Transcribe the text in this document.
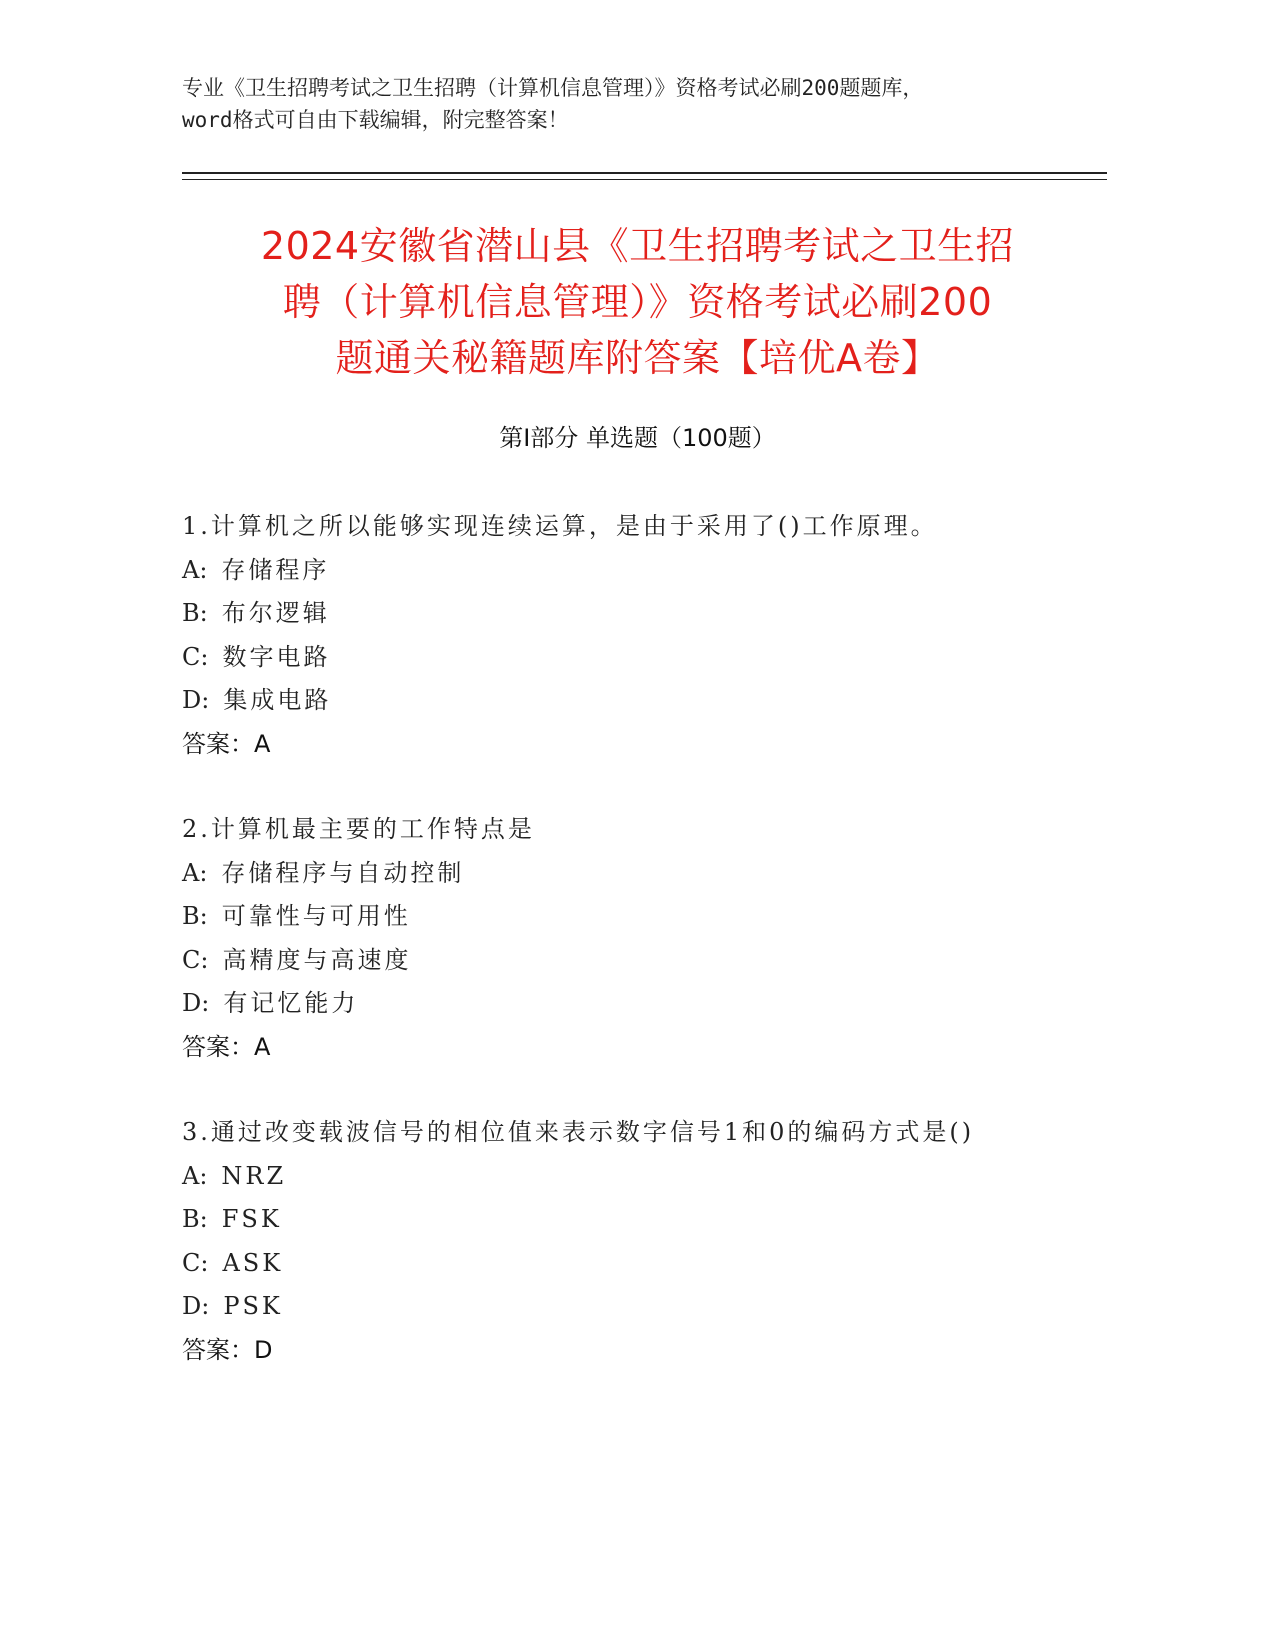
专业《卫生招聘考试之卫生招聘（计算机信息管理）》资格考试必刷200题题库，
word格式可自由下载编辑，附完整答案！
2024安徽省潜山县《卫生招聘考试之卫生招
聘（计算机信息管理）》资格考试必刷200
题通关秘籍题库附答案【培优A卷】
第I部分 单选题（100题）
1.计算机之所以能够实现连续运算，是由于采用了()工作原理。
A: 存储程序
B: 布尔逻辑
C: 数字电路
D: 集成电路
答案：A
2.计算机最主要的工作特点是
A: 存储程序与自动控制
B: 可靠性与可用性
C: 高精度与高速度
D: 有记忆能力
答案：A
3.通过改变载波信号的相位值来表示数字信号1和0的编码方式是()
A: NRZ
B: FSK
C: ASK
D: PSK
答案：D
